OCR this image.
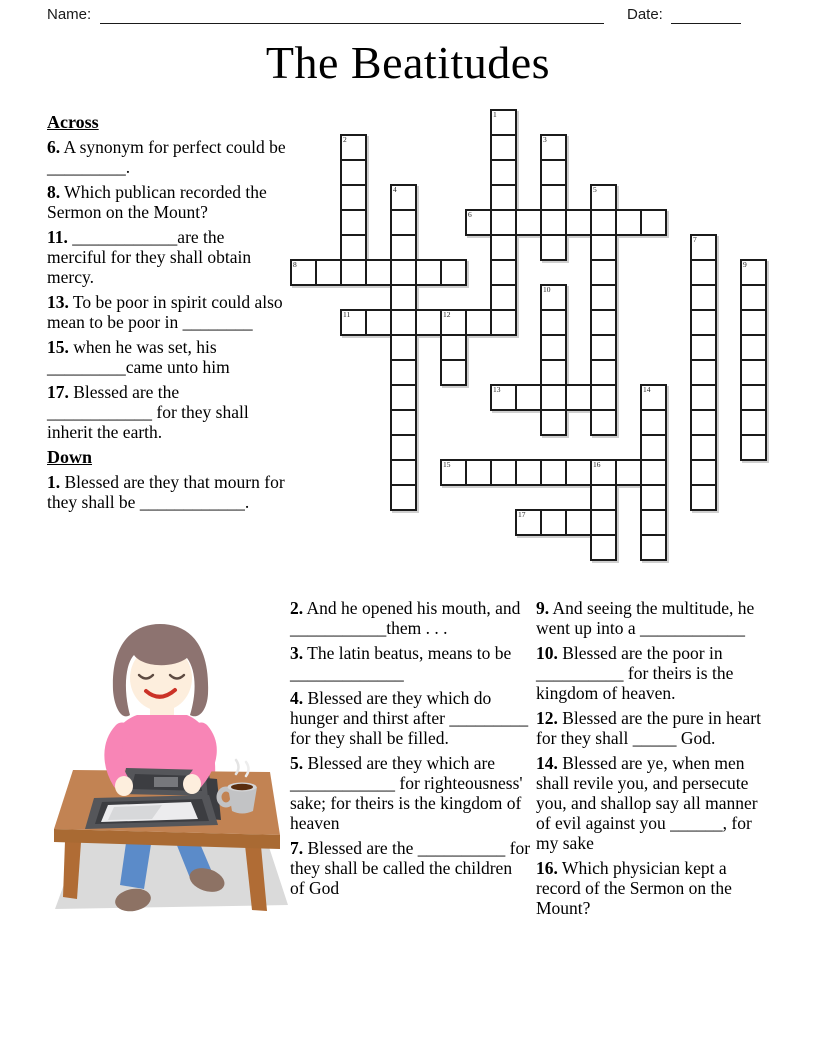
Name:	Date:
The Beatitudes

Across

6. A synonym for perfect could be _________.

8. Which publican recorded the Sermon on the Mount?

11. ____________are the merciful for they shall obtain mercy.

13. To be poor in spirit could also mean to be poor in ________

15. when he was set, his _________came unto him

17. Blessed are the ____________ for they shall inherit the earth.

Down

1. Blessed are they that mourn for they shall be ____________.

1
2	3
4	5
6
7
8	9
10
11	12
13	14
15	16
17

2. And he opened his mouth, and ___________them . . .

3. The latin beatus, means to be _____________

4. Blessed are they which do hunger and thirst after _________ for they shall be filled.

5. Blessed are they which are ____________ for righteousness' sake; for theirs is the kingdom of heaven

7. Blessed are the __________ for they shall be called the children of God

9. And seeing the multitude, he went up into a ____________

10. Blessed are the poor in __________ for theirs is the kingdom of heaven.

12. Blessed are the pure in heart for they shall _____ God.

14. Blessed are ye, when men shall revile you, and persecute you, and shallop say all manner of evil against you ______, for my sake

16. Which physician kept a record of the Sermon on the Mount?
